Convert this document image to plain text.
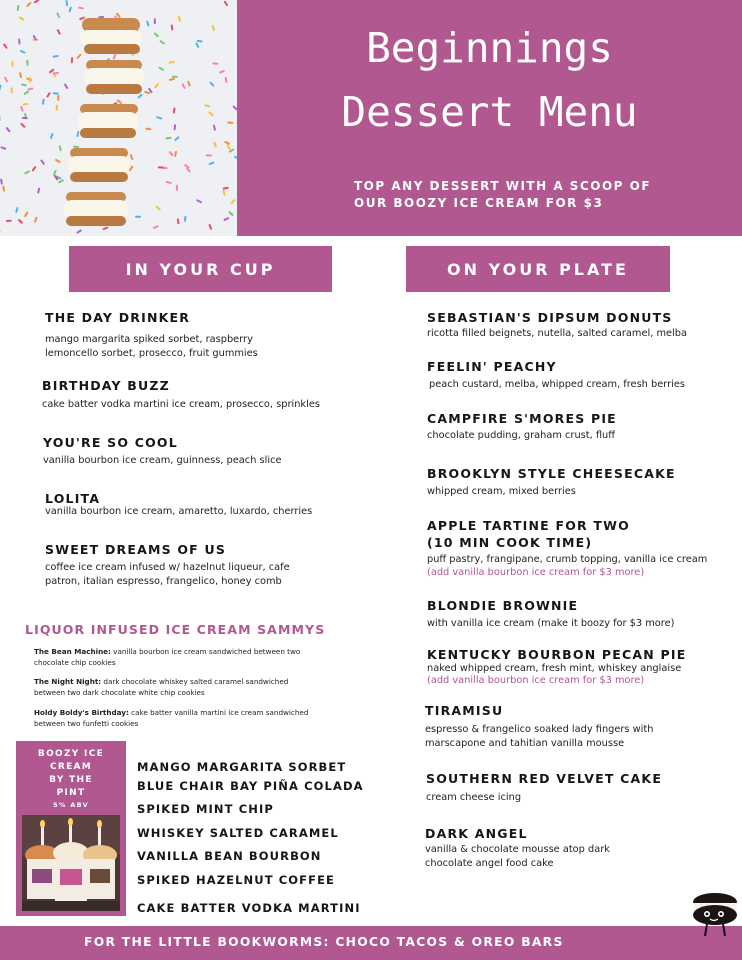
Beginnings
Dessert Menu
TOP ANY DESSERT WITH A SCOOP OF
OUR BOOZY ICE CREAM FOR $3
IN YOUR CUP	ON YOUR PLATE
THE DAY DRINKER
mango margarita spiked sorbet, raspberry
lemoncello sorbet, prosecco, fruit gummies
BIRTHDAY BUZZ
cake batter vodka martini ice cream, prosecco, sprinkles
YOU'RE SO COOL
vanilla bourbon ice cream, guinness, peach slice
LOLITA
vanilla bourbon ice cream, amaretto, luxardo, cherries
SWEET DREAMS OF US
coffee ice cream infused w/ hazelnut liqueur, cafe
patron, italian espresso, frangelico, honey comb
LIQUOR INFUSED ICE CREAM SAMMYS
The Bean Machine: vanilla bourbon ice cream sandwiched between two
chocolate chip cookies
The Night Night: dark chocolate whiskey salted caramel sandwiched
between two dark chocolate white chip cookies
Holdy Boldy's Birthday: cake batter vanilla martini ice cream sandwiched
between two funfetti cookies
BOOZY ICE
CREAM
BY THE
PINT
5% ABV
MANGO MARGARITA SORBET
BLUE CHAIR BAY PIÑA COLADA
SPIKED MINT CHIP
WHISKEY SALTED CARAMEL
VANILLA BEAN BOURBON
SPIKED HAZELNUT COFFEE
CAKE BATTER VODKA MARTINI
SEBASTIAN'S DIPSUM DONUTS
ricotta filled beignets, nutella, salted caramel, melba
FEELIN' PEACHY
peach custard, melba, whipped cream, fresh berries
CAMPFIRE S'MORES PIE
chocolate pudding, graham crust, fluff
BROOKLYN STYLE CHEESECAKE
whipped cream, mixed berries
APPLE TARTINE FOR TWO
(10 MIN COOK TIME)
puff pastry, frangipane, crumb topping, vanilla ice cream
(add vanilla bourbon ice cream for $3 more)
BLONDIE BROWNIE
with vanilla ice cream (make it boozy for $3 more)
KENTUCKY BOURBON PECAN PIE
naked whipped cream, fresh mint, whiskey anglaise
(add vanilla bourbon ice cream for $3 more)
TIRAMISU
espresso & frangelico soaked lady fingers with
marscapone and tahitian vanilla mousse
SOUTHERN RED VELVET CAKE
cream cheese icing
DARK ANGEL
vanilla & chocolate mousse atop dark
chocolate angel food cake
FOR THE LITTLE BOOKWORMS: CHOCO TACOS & OREO BARS
